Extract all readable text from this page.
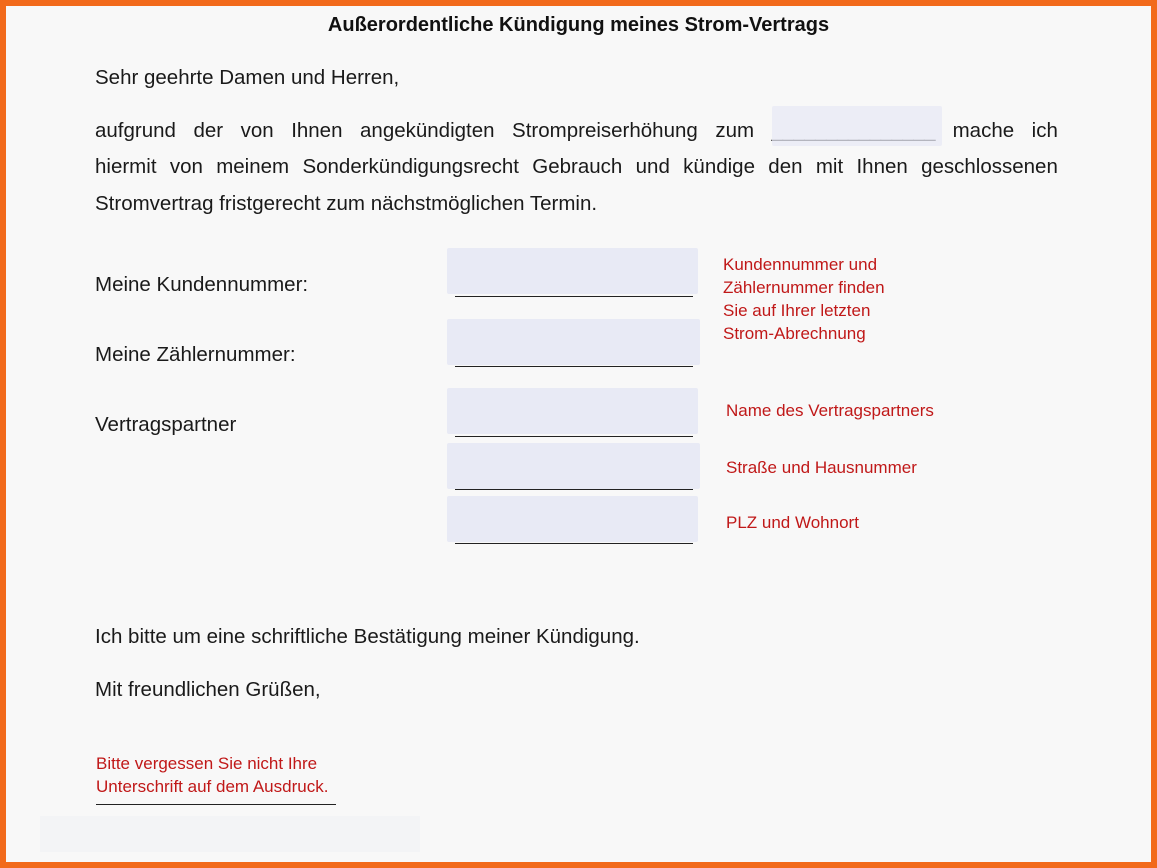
Außerordentliche Kündigung meines Strom-Vertrags
Sehr geehrte Damen und Herren,
aufgrund der von Ihnen angekündigten Strompreiserhöhung zum	mache ich
hiermit von meinem Sonderkündigungsrecht Gebrauch und kündige den mit Ihnen geschlossenen
Stromvertrag fristgerecht zum nächstmöglichen Termin.
Meine Kundennummer:
Meine Zählernummer:
Vertragspartner
Kundennummer und
Zählernummer finden
Sie auf Ihrer letzten
Strom-Abrechnung
Name des Vertragspartners
Straße und Hausnummer
PLZ und Wohnort
Ich bitte um eine schriftliche Bestätigung meiner Kündigung.
Mit freundlichen Grüßen,
Bitte vergessen Sie nicht Ihre
Unterschrift auf dem Ausdruck.
